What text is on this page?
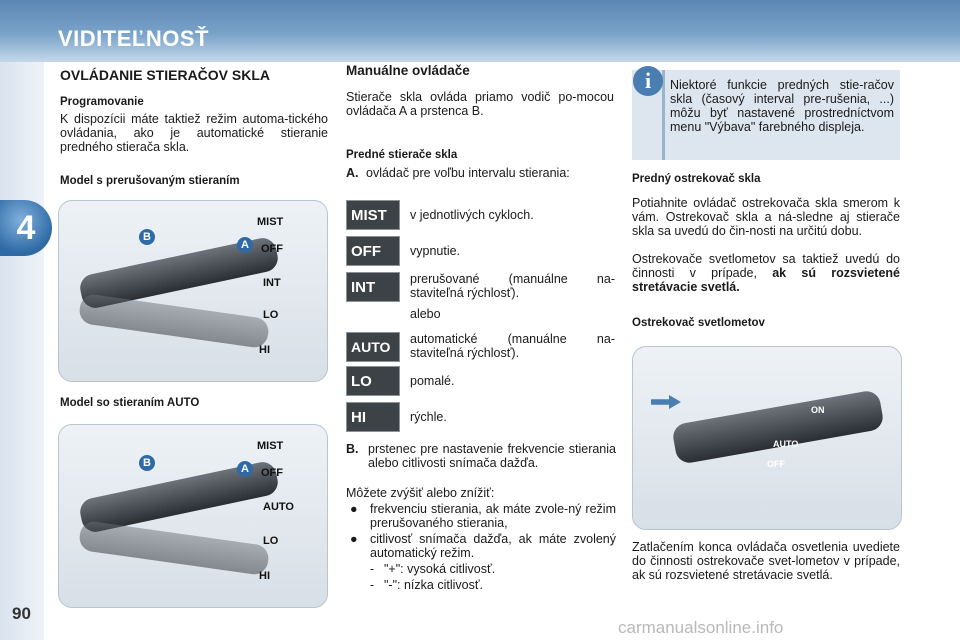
VIDITEĽNOSŤ
4
90
OVLÁDANIE STIERAČOV SKLA
Programovanie
K dispozícii máte taktiež režim automa-tického ovládania, ako je automatické stieranie predného stierača skla.
Model s prerušovaným stieraním
MIST
OFF
INT
LO
HI
A
B
Model so stieraním AUTO
MIST
OFF
AUTO
LO
HI
A
B
Manuálne ovládače
Stierače skla ovláda priamo vodič po-mocou ovládača A a prstenca B.
Predné stierače skla
A. ovládač pre voľbu intervalu stierania:
MIST	v jednotlivých cykloch.
OFF	vypnutie.
INT	prerušované (manuálne na-staviteľná rýchlosť).
alebo
AUTO	automatické (manuálne na-staviteľná rýchlosť).
LO	pomalé.
HI	rýchle.
B. prstenec pre nastavenie frekvencie stierania alebo citlivosti snímača dažďa.
Môžete zvýšiť alebo znížiť:
● frekvenciu stierania, ak máte zvole-ný režim prerušovaného stierania,
● citlivosť snímača dažďa, ak máte zvolený automatický režim.
- "+": vysoká citlivosť.
- "-": nízka citlivosť.
Niektoré funkcie predných stie-račov skla (časový interval pre-rušenia, ...) môžu byť nastavené prostredníctvom menu "Výbava" farebného displeja.
i
Predný ostrekovač skla
Potiahnite ovládač ostrekovača skla smerom k vám. Ostrekovač skla a ná-sledne aj stierače skla sa uvedú do čin-nosti na určitú dobu.
Ostrekovače svetlometov sa taktiež uvedú do činnosti v prípade, ak sú rozsvietené stretávacie svetlá.
Ostrekovač svetlometov
ON
AUTO
OFF
Zatlačením konca ovládača osvetlenia uvediete do činnosti ostrekovače svet-lometov v prípade, ak sú rozsvietené stretávacie svetlá.
carmanualsonline.info
